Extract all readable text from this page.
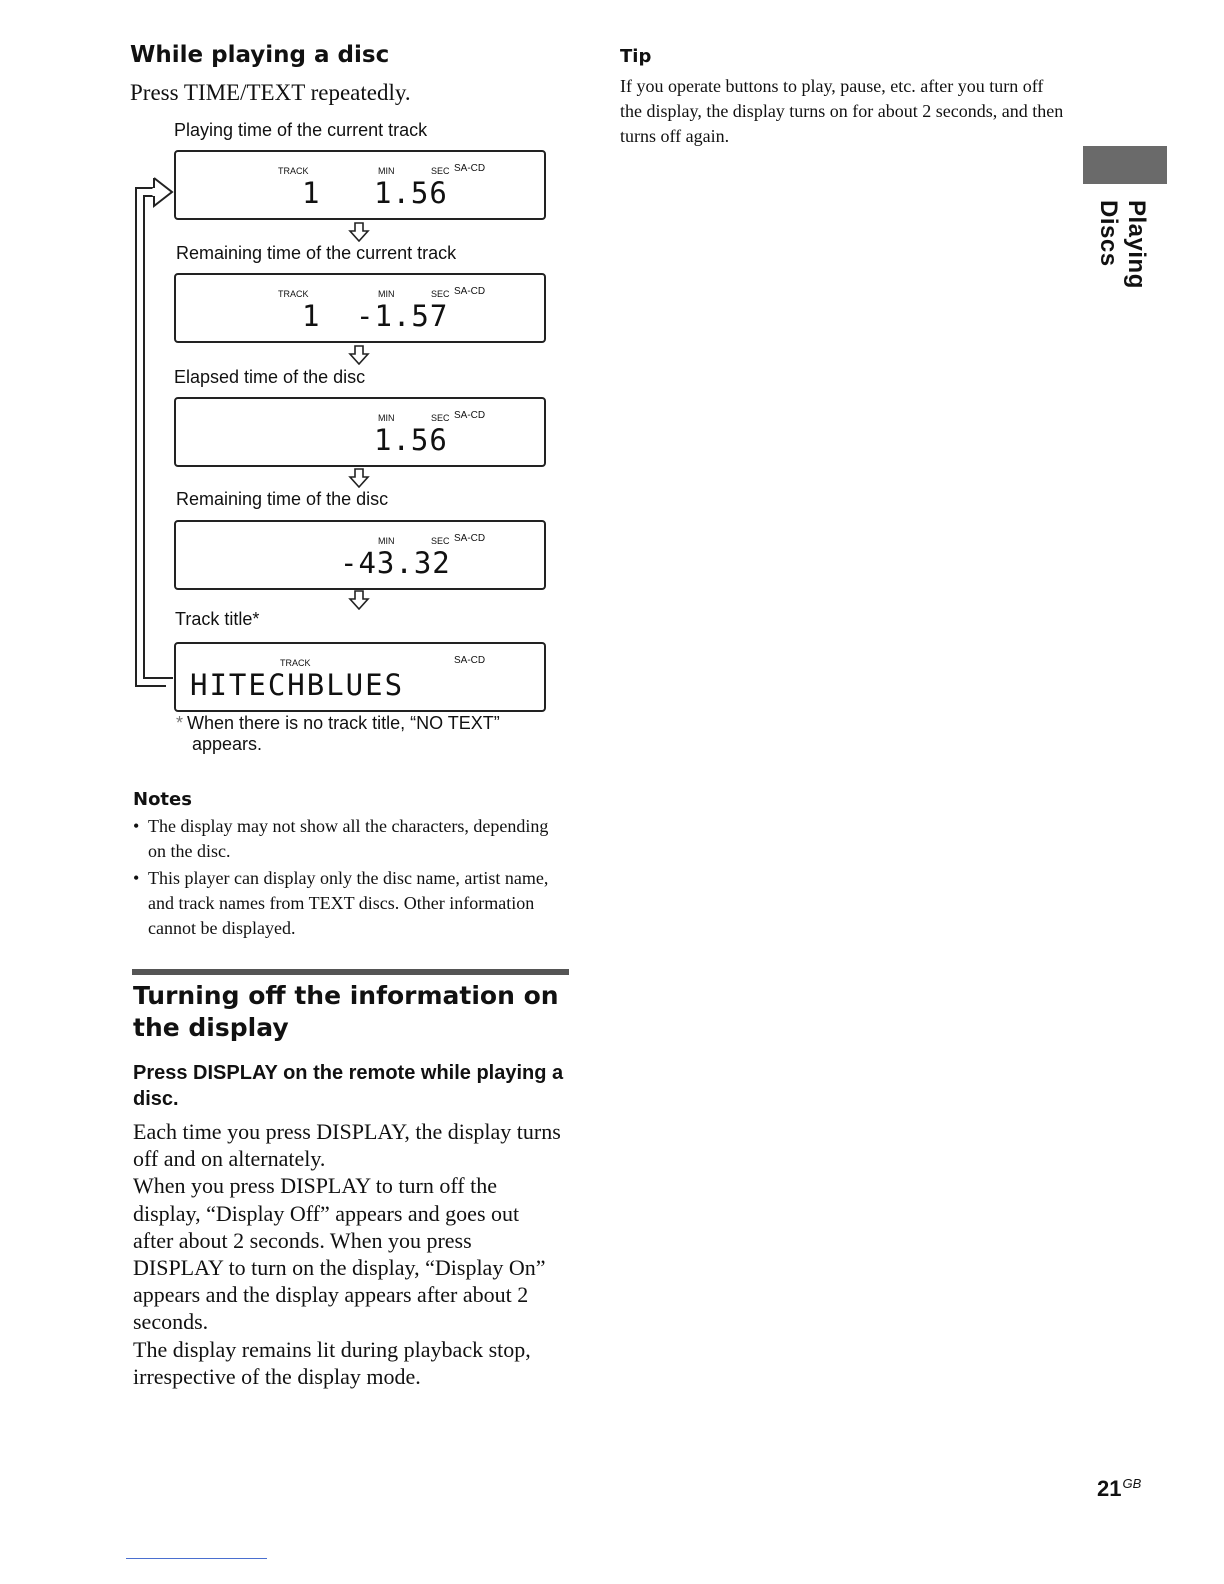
While playing a disc
Press TIME/TEXT repeatedly.
Playing time of the current track
TRACK	MIN	SEC SA-CD
1 1.56
Remaining time of the current track
TRACK	MIN	SEC SA-CD
1 -1.57
Elapsed time of the disc
MIN	SEC SA-CD
1.56
Remaining time of the disc
MIN	SEC SA-CD
-43.32
Track title*
TRACK	SA-CD
HITECHBLUES
* When there is no track title, “NO TEXT”
appears.
Notes
• The display may not show all the characters, depending on the disc.
• This player can display only the disc name, artist name, and track names from TEXT discs. Other information cannot be displayed.
Turning off the information on the display
Press DISPLAY on the remote while playing a disc.

Each time you press DISPLAY, the display turns off and on alternately.

When you press DISPLAY to turn off the display, “Display Off” appears and goes out after about 2 seconds. When you press DISPLAY to turn on the display, “Display On” appears and the display appears after about 2 seconds.

The display remains lit during playback stop, irrespective of the display mode.

Tip
If you operate buttons to play, pause, etc. after you turn off the display, the display turns on for about 2 seconds, and then turns off again.
Playing Discs
$21^{GB}$
